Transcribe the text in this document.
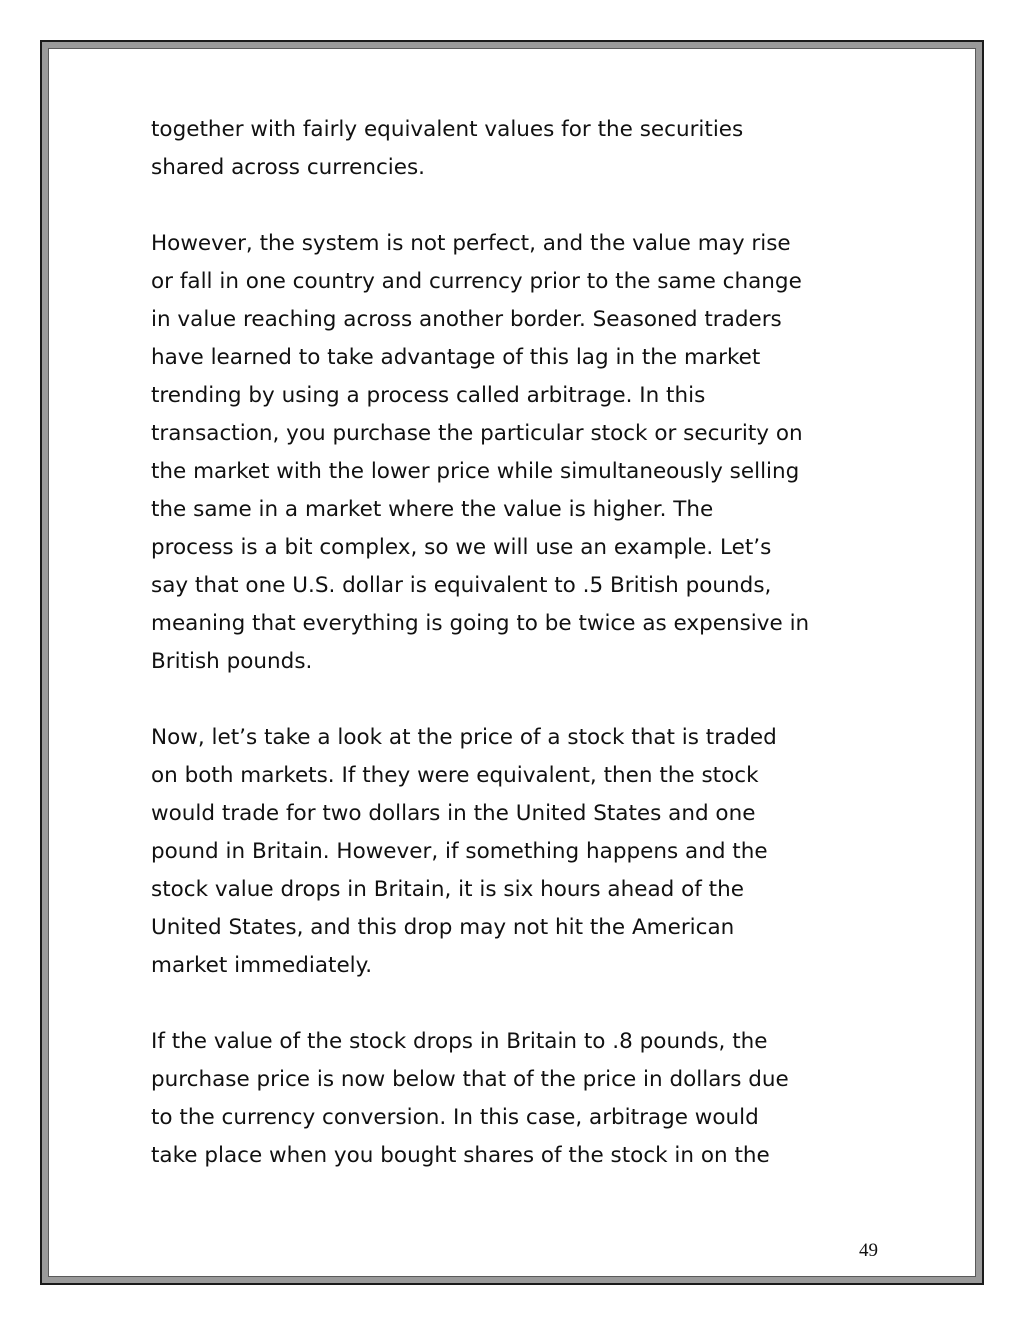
together with fairly equivalent values for the securities
shared across currencies.

However, the system is not perfect, and the value may rise
or fall in one country and currency prior to the same change
in value reaching across another border. Seasoned traders
have learned to take advantage of this lag in the market
trending by using a process called arbitrage. In this
transaction, you purchase the particular stock or security on
the market with the lower price while simultaneously selling
the same in a market where the value is higher. The
process is a bit complex, so we will use an example. Let’s
say that one U.S. dollar is equivalent to .5 British pounds,
meaning that everything is going to be twice as expensive in
British pounds.

Now, let’s take a look at the price of a stock that is traded
on both markets. If they were equivalent, then the stock
would trade for two dollars in the United States and one
pound in Britain. However, if something happens and the
stock value drops in Britain, it is six hours ahead of the
United States, and this drop may not hit the American
market immediately.

If the value of the stock drops in Britain to .8 pounds, the
purchase price is now below that of the price in dollars due
to the currency conversion. In this case, arbitrage would
take place when you bought shares of the stock in on the

49
